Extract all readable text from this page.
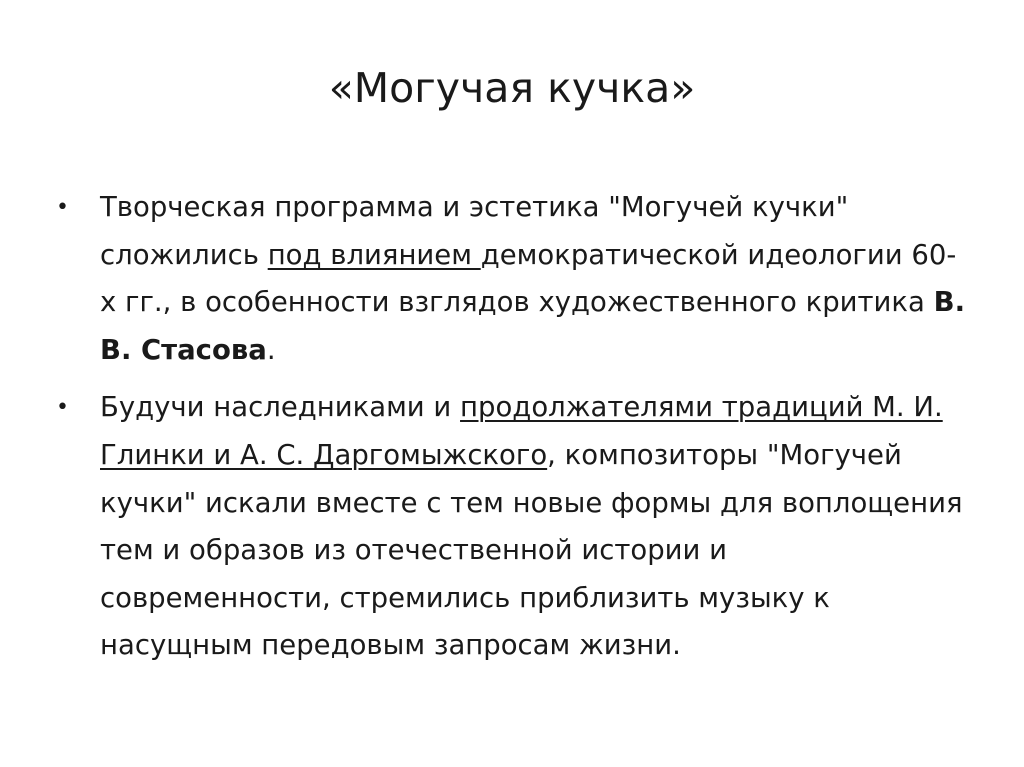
«Могучая кучка»
•	Творческая программа и эстетика "Могучей кучки" сложились под влиянием демократической идеологии 60-х гг., в особенности взглядов художественного критика В. В. Стасова.
•	Будучи наследниками и продолжателями традиций М. И. Глинки и А. С. Даргомыжского, композиторы "Могучей кучки" искали вместе с тем новые формы для воплощения тем и образов из отечественной истории и современности, стремились приблизить музыку к насущным передовым запросам жизни.
